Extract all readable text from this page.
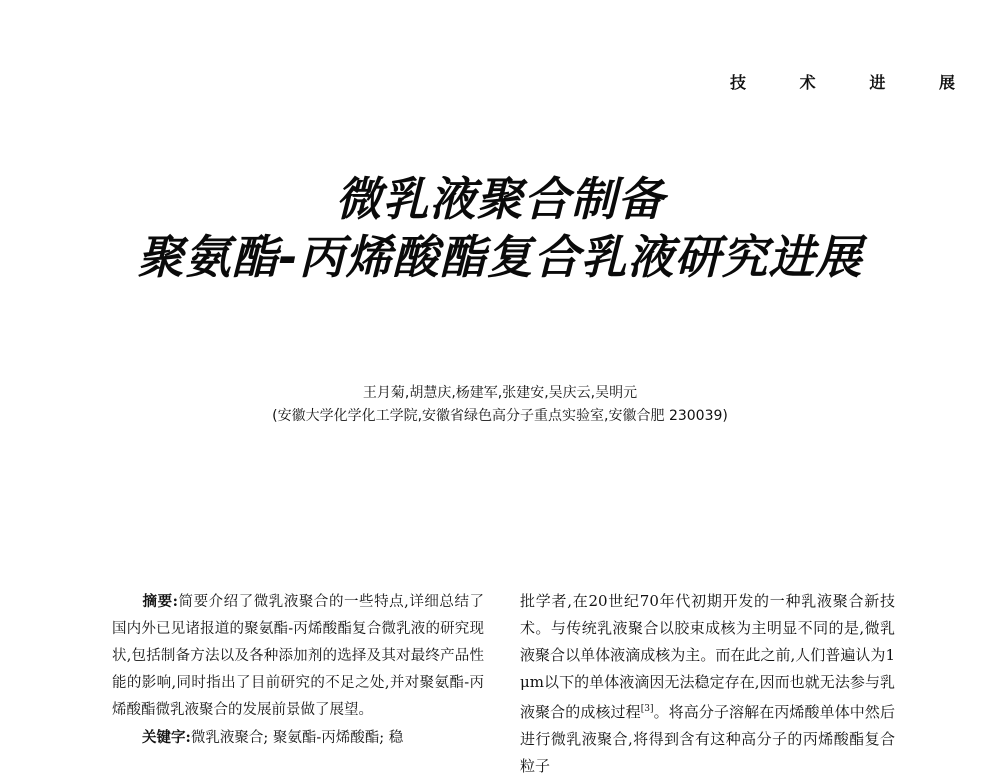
技	术	进	展
微乳液聚合制备
聚氨酯-丙烯酸酯复合乳液研究进展
王月菊,胡慧庆,杨建军,张建安,吴庆云,吴明元
(安徽大学化学化工学院,安徽省绿色高分子重点实验室,安徽合肥 230039)
摘要:简要介绍了微乳液聚合的一些特点,详细总结了国内外已见诸报道的聚氨酯-丙烯酸酯复合微乳液的研究现状,包括制备方法以及各种添加剂的选择及其对最终产品性能的影响,同时指出了目前研究的不足之处,并对聚氨酯-丙烯酸酯微乳液聚合的发展前景做了展望。
关键字:微乳液聚合; 聚氨酯-丙烯酸酯; 稳
批学者,在20世纪70年代初期开发的一种乳液聚合新技术。与传统乳液聚合以胶束成核为主明显不同的是,微乳液聚合以单体液滴成核为主。而在此之前,人们普遍认为1 μm以下的单体液滴因无法稳定存在,因而也就无法参与乳液聚合的成核过程[3]。将高分子溶解在丙烯酸单体中然后进行微乳液聚合,将得到含有这种高分子的丙烯酸酯复合粒子
